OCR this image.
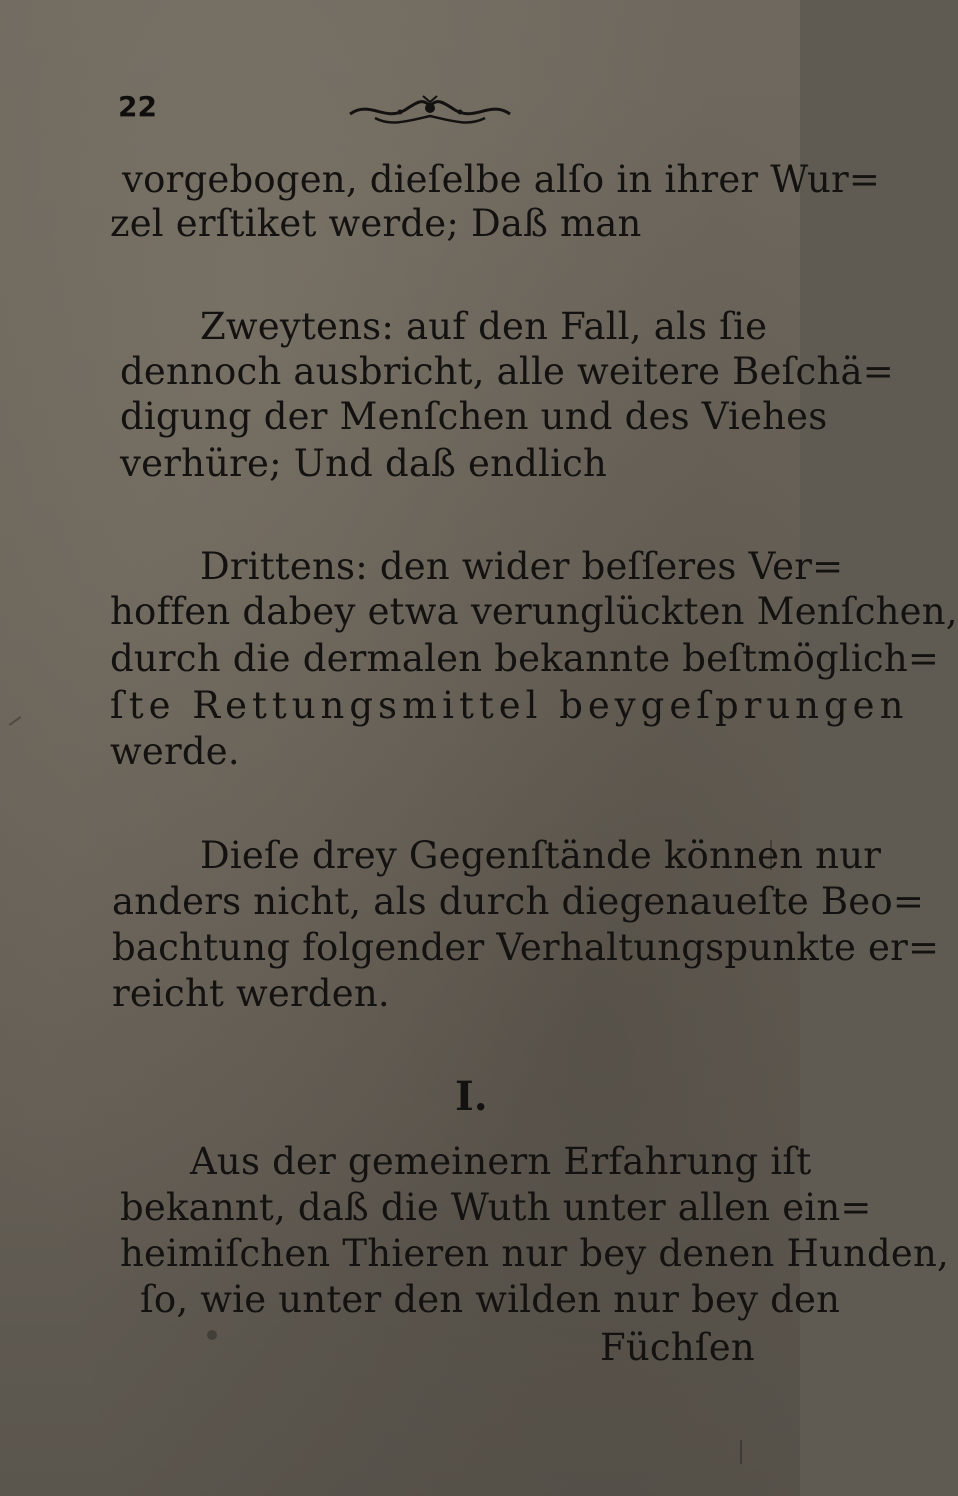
22
vorgebogen, dieſelbe alſo in ihrer Wur=
zel erſtiket werde; Daß man
Zweytens: auf den Fall, als ſie
dennoch ausbricht, alle weitere Beſchä=
digung der Menſchen und des Viehes
verhüre; Und daß endlich
Drittens: den wider beſſeres Ver=
hoffen dabey etwa verunglückten Menſchen,
durch die dermalen bekannte beſtmöglich=
ſte Rettungsmittel beygeſprungen
werde.
Dieſe drey Gegenſtände können nur
anders nicht, als durch diegenaueſte Beo=
bachtung folgender Verhaltungspunkte er=
reicht werden.
I.
Aus der gemeinern Erfahrung iſt
bekannt, daß die Wuth unter allen ein=
heimiſchen Thieren nur bey denen Hunden,
ſo, wie unter den wilden nur bey den
Füchſen
